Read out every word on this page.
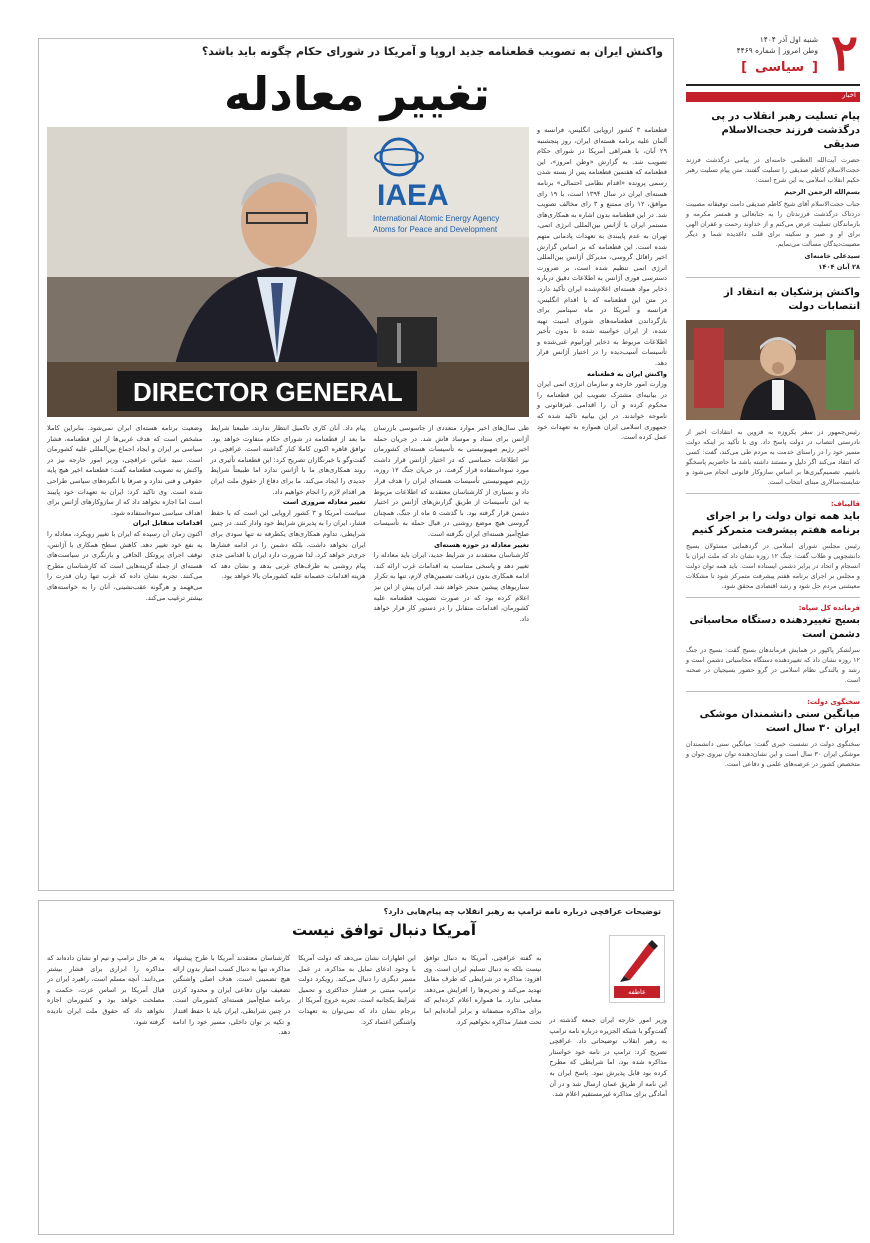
۲
شنبه اول آذر ۱۴۰۴
وطن امروز | شماره ۴۴۶۹
[ سیاسی ]
اخبار
پیام تسلیت رهبر انقلاب در پی درگذشت فرزند حجت‌الاسلام صدیقی
حضرت آیت‌الله العظمی خامنه‌ای در پیامی درگذشت فرزند حجت‌الاسلام کاظم صدیقی را تسلیت گفتند. متن پیام تسلیت رهبر حکیم انقلاب اسلامی به این شرح است:
بسم‌الله الرحمن الرحیم
جناب حجت‌الاسلام آقای شیخ کاظم صدیقی دامت توفیقاته مصیبت دردناک درگذشت فرزندتان را به جنابعالی و همسر مکرمه و بازماندگان تسلیت عرض می‌کنم و از خداوند رحمت و غفران الهی برای او و صبر و سکینه برای قلب داغدیده شما و دیگر مصیبت‌دیدگان مسألت می‌نمایم.
سیدعلی خامنه‌ای
۲۸ آبان ۱۴۰۴
واکنش پزشکیان به انتقاد از انتصابات دولت
رئیس‌جمهور در سفر یکروزه به قزوین به انتقادات اخیر از نادرستی انتصاب در دولت پاسخ داد. وی با تأکید بر اینکه دولت مسیر خود را در راستای خدمت به مردم طی می‌کند، گفت: کسی که انتقاد می‌کند اگر دلیل و مستند داشته باشد ما حاضریم پاسخگو باشیم. تصمیم‌گیری‌ها بر اساس سازوکار قانونی انجام می‌شود و شایسته‌سالاری مبنای انتخاب است.
قالیباف:
باید همه توان دولت را بر اجرای برنامه هفتم پیشرفت متمرکز کنیم
رئیس مجلس شورای اسلامی در گردهمایی مسئولان بسیج دانشجویی و طلاب گفت: جنگ ۱۲ روزه نشان داد که ملت ایران با انسجام و اتحاد در برابر دشمن ایستاده است. باید همه توان دولت و مجلس بر اجرای برنامه هفتم پیشرفت متمرکز شود تا مشکلات معیشتی مردم حل شود و رشد اقتصادی محقق شود.
فرمانده کل سپاه:
بسیج تغییردهنده دستگاه محاسباتی دشمن است
سرلشکر پاکپور در همایش فرماندهان بسیج گفت: بسیج در جنگ ۱۲ روزه نشان داد که تغییردهنده دستگاه محاسباتی دشمن است و رشد و بالندگی نظام اسلامی در گرو حضور بسیجیان در صحنه است.
سخنگوی دولت:
میانگین سنی دانشمندان موشکی ایران ۳۰ سال است
سخنگوی دولت در نشست خبری گفت: میانگین سنی دانشمندان موشکی ایران ۳۰ سال است و این نشان‌دهنده توان نیروی جوان و متخصص کشور در عرصه‌های علمی و دفاعی است.
واکنش ایران به تصویب قطعنامه جدید اروپا و آمریکا در شورای حکام چگونه باید باشد؟
تغییر معادله
IAEA
International Atomic Energy Agency
Atoms for Peace and Development
DIRECTOR GENERAL
قطعنامه ۳ کشور اروپایی انگلیس، فرانسه و آلمان علیه برنامه هسته‌ای ایران، روز پنجشنبه ۲۹ آبان، با همراهی آمریکا در شورای حکام تصویب شد. به گزارش «وطن امروز»، این قطعنامه که هفتمین قطعنامه پس از بسته شدن رسمی پرونده «اقدام نظامی احتمالی» برنامه هسته‌ای ایران در سال ۱۳۹۴ است، با ۱۹ رای موافق، ۱۲ رای ممتنع و ۳ رای مخالف تصویب شد. در این قطعنامه بدون اشاره به همکاری‌های مستمر ایران با آژانس بین‌المللی انرژی اتمی، تهران به عدم پایبندی به تعهدات پادمانی متهم شده است. این قطعنامه که بر اساس گزارش اخیر رافائل گروسی، مدیرکل آژانس بین‌المللی انرژی اتمی تنظیم شده است، بر ضرورت دسترسی فوری آژانس به اطلاعات دقیق درباره ذخایر مواد هسته‌ای اعلام‌شده ایران تأکید دارد. در متن این قطعنامه که با اقدام انگلیس، فرانسه و آمریکا در ماه سپتامبر برای بازگرداندن قطعنامه‌های شورای امنیت تهیه شده، از ایران خواسته شده تا بدون تأخیر اطلاعات مربوط به ذخایر اورانیوم غنی‌شده و تأسیسات آسیب‌دیده را در اختیار آژانس قرار دهد.
واکنش ایران به قطعنامه
وزارت امور خارجه و سازمان انرژی اتمی ایران در بیانیه‌ای مشترک تصویب این قطعنامه را محکوم کرده و آن را اقدامی غیرقانونی و ناموجه خواندند. در این بیانیه تاکید شده که جمهوری اسلامی ایران همواره به تعهدات خود عمل کرده است.
طی سال‌های اخیر موارد متعددی از جاسوسی بازرسان آژانس برای ستاد و موساد فاش شد. در جریان حمله اخیر رژیم صهیونیستی به تأسیسات هسته‌ای کشورمان نیز اطلاعات حساسی که در اختیار آژانس قرار داشت مورد سوءاستفاده قرار گرفت. در جریان جنگ ۱۲ روزه، رژیم صهیونیستی تأسیسات هسته‌ای ایران را هدف قرار داد و بسیاری از کارشناسان معتقدند که اطلاعات مربوط به این تأسیسات از طریق گزارش‌های آژانس در اختیار دشمن قرار گرفته بود. با گذشت ۵ ماه از جنگ، همچنان گروسی هیچ موضع روشنی در قبال حمله به تأسیسات صلح‌آمیز هسته‌ای ایران نگرفته است.
تغییر معادله در حوزه هسته‌ای
کارشناسان معتقدند در شرایط جدید، ایران باید معادله را تغییر دهد و پاسخی متناسب به اقدامات غرب ارائه کند. ادامه همکاری بدون دریافت تضمین‌های لازم، تنها به تکرار سناریوهای پیشین منجر خواهد شد. ایران پیش از این نیز اعلام کرده بود که در صورت تصویب قطعنامه علیه کشورمان، اقدامات متقابل را در دستور کار قرار خواهد داد.
پیام داد. آنان کاری تاکمیل انتظار ندارند، طبیعتا شرایط ما بعد از قطعنامه در شورای حکام متفاوت خواهد بود. توافق قاهره اکنون کاملا کنار گذاشته است. عراقچی در گفت‌وگو با خبرنگاران تصریح کرد: این قطعنامه تأثیری در روند همکاری‌های ما با آژانس ندارد اما طبیعتاً شرایط جدیدی را ایجاد می‌کند. ما برای دفاع از حقوق ملت ایران هر اقدام لازم را انجام خواهیم داد.
تغییر معادله ضروری است
سیاست آمریکا و ۳ کشور اروپایی این است که با حفظ فشار، ایران را به پذیرش شرایط خود وادار کنند. در چنین شرایطی، تداوم همکاری‌های یکطرفه نه تنها سودی برای ایران نخواهد داشت، بلکه دشمن را در ادامه فشارها جری‌تر خواهد کرد. لذا ضرورت دارد ایران با اقدامی جدی پیام روشنی به طرف‌های غربی بدهد و نشان دهد که هزینه اقدامات خصمانه علیه کشورمان بالا خواهد بود.
وضعیت برنامه هسته‌ای ایران نمی‌شود. بنابراین کاملا مشخص است که هدف غربی‌ها از این قطعنامه، فشار سیاسی بر ایران و ایجاد اجماع بین‌المللی علیه کشورمان است. سید عباس عراقچی، وزیر امور خارجه نیز در واکنش به تصویب قطعنامه گفت: قطعنامه اخیر هیچ پایه حقوقی و فنی ندارد و صرفا با انگیزه‌های سیاسی طراحی شده است. وی تاکید کرد: ایران به تعهدات خود پایبند است اما اجازه نخواهد داد که از سازوکارهای آژانس برای اهداف سیاسی سوءاستفاده شود.
اقدامات متقابل ایران
اکنون زمان آن رسیده که ایران با تغییر رویکرد، معادله را به نفع خود تغییر دهد. کاهش سطح همکاری با آژانس، توقف اجرای پروتکل الحاقی و بازنگری در سیاست‌های هسته‌ای از جمله گزینه‌هایی است که کارشناسان مطرح می‌کنند. تجربه نشان داده که غرب تنها زبان قدرت را می‌فهمد و هرگونه عقب‌نشینی، آنان را به خواسته‌های بیشتر ترغیب می‌کند.
توضیحات عراقچی درباره نامه ترامپ به رهبر انقلاب چه پیام‌هایی دارد؟
آمریکا دنبال توافق نیست
عاطفه سهراب‌پور
وزیر امور خارجه ایران جمعه گذشته در گفت‌وگو با شبکه الجزیره درباره نامه ترامپ به رهبر انقلاب توضیحاتی داد. عراقچی تصریح کرد: ترامپ در نامه خود خواستار مذاکره شده بود، اما شرایطی که مطرح کرده بود قابل پذیرش نبود. پاسخ ایران به این نامه از طریق عمان ارسال شد و در آن آمادگی برای مذاکره غیرمستقیم اعلام شد.
به گفته عراقچی، آمریکا به دنبال توافق نیست بلکه به دنبال تسلیم ایران است. وی افزود: مذاکره در شرایطی که طرف مقابل تهدید می‌کند و تحریم‌ها را افزایش می‌دهد، معنایی ندارد. ما همواره اعلام کرده‌ایم که برای مذاکره منصفانه و برابر آماده‌ایم اما تحت فشار مذاکره نخواهیم کرد.
این اظهارات نشان می‌دهد که دولت آمریکا با وجود ادعای تمایل به مذاکره، در عمل مسیر دیگری را دنبال می‌کند. رویکرد دولت ترامپ مبتنی بر فشار حداکثری و تحمیل شرایط یکجانبه است. تجربه خروج آمریکا از برجام نشان داد که نمی‌توان به تعهدات واشنگتن اعتماد کرد.
کارشناسان معتقدند آمریکا با طرح پیشنهاد مذاکره، تنها به دنبال کسب امتیاز بدون ارائه هیچ تضمینی است. هدف اصلی واشنگتن تضعیف توان دفاعی ایران و محدود کردن برنامه صلح‌آمیز هسته‌ای کشورمان است. در چنین شرایطی، ایران باید با حفظ اقتدار و تکیه بر توان داخلی، مسیر خود را ادامه دهد.
به هر حال ترامپ و تیم او نشان داده‌اند که مذاکره را ابزاری برای فشار بیشتر می‌دانند. آنچه مسلم است، راهبرد ایران در قبال آمریکا بر اساس عزت، حکمت و مصلحت خواهد بود و کشورمان اجازه نخواهد داد که حقوق ملت ایران نادیده گرفته شود.
